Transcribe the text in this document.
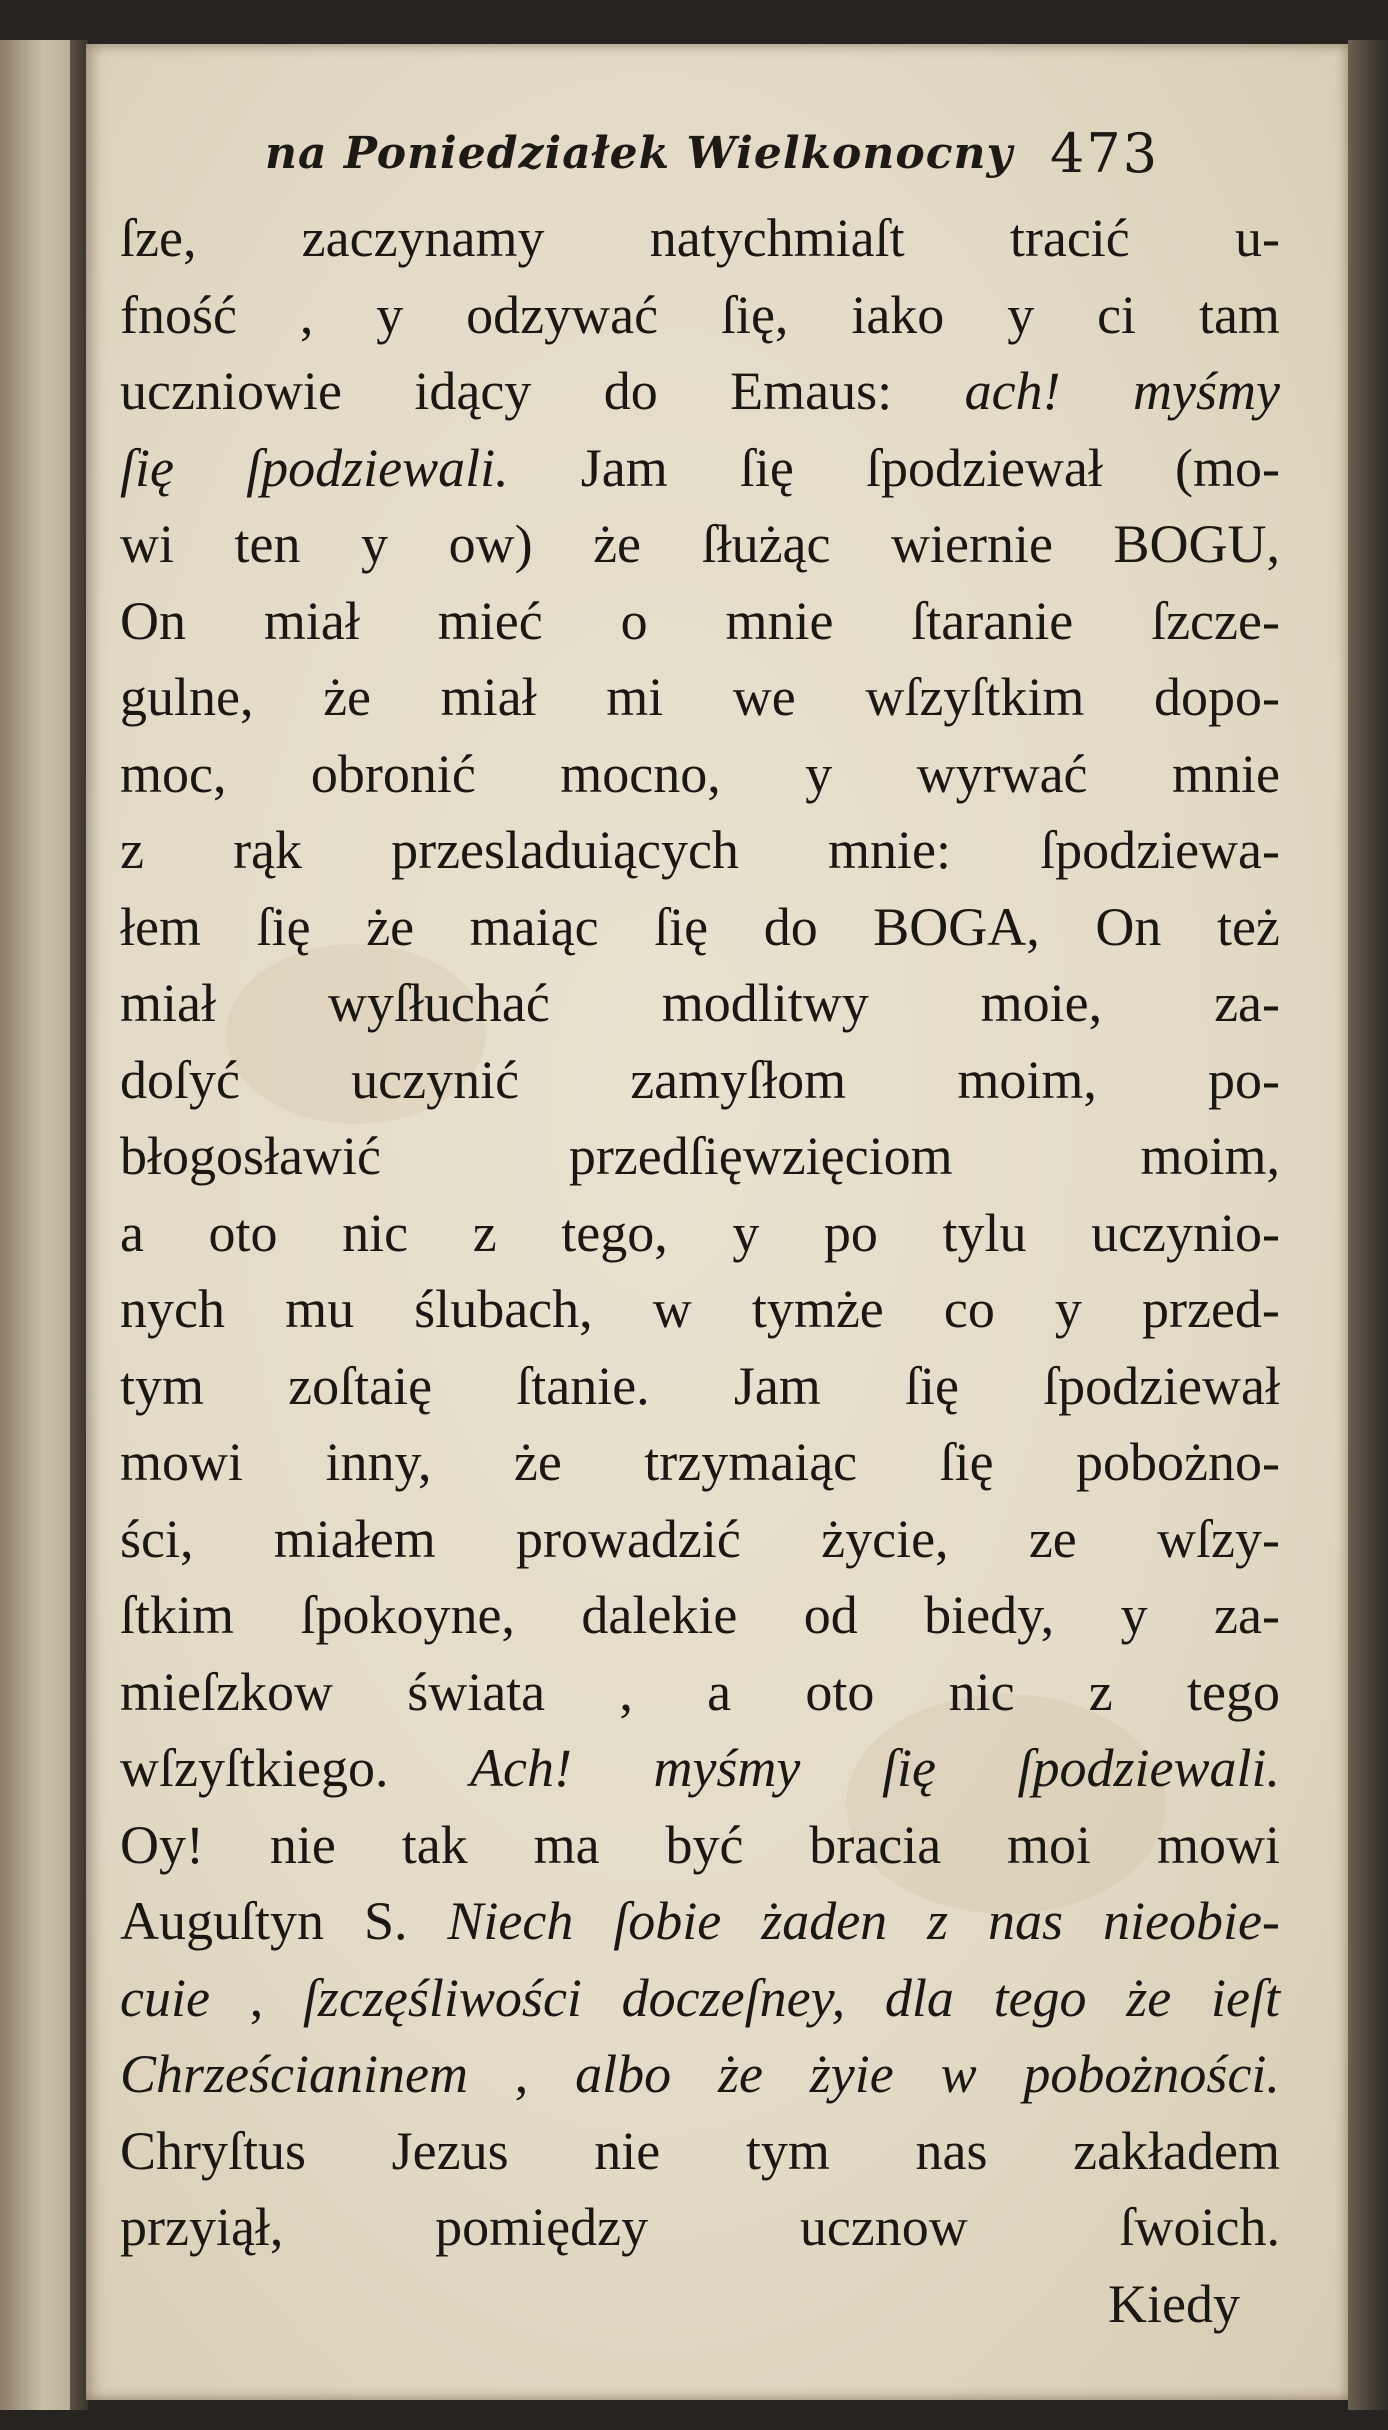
na Poniedziałek Wielkonocny 473
ſze, zaczynamy natychmiaſt tracić u-
fność , y odzywać ſię, iako y ci tam
uczniowie idący do Emaus: ach! myśmy
ſię ſpodziewali. Jam ſię ſpodziewał (mo-
wi ten y ow) że ſłużąc wiernie BOGU,
On miał mieć o mnie ſtaranie ſzcze-
gulne, że miał mi we wſzyſtkim dopo-
moc, obronić mocno, y wyrwać mnie
z rąk przesladuiących mnie: ſpodziewa-
łem ſię że maiąc ſię do BOGA, On też
miał wyſłuchać modlitwy moie, za-
doſyć uczynić zamyſłom moim, po-
błogosławić	przedſięwzięciom	moim,
a oto nic z tego, y po tylu uczynio-
nych mu ślubach, w tymże co y przed-
tym zoſtaię ſtanie. Jam ſię ſpodziewał
mowi inny, że trzymaiąc ſię pobożno-
ści, miałem prowadzić życie, ze wſzy-
ſtkim ſpokoyne, dalekie od biedy, y za-
mieſzkow świata , a oto nic z tego
wſzyſtkiego. Ach! myśmy ſię ſpodziewali.
Oy! nie tak ma być bracia moi mowi
Auguſtyn S. Niech ſobie żaden z nas nieobie-
cuie , ſzczęśliwości doczeſney, dla tego że ieſt
Chrześcianinem , albo że żyie w pobożności.
Chryſtus Jezus nie tym nas zakładem
przyiął,	pomiędzy	ucznow	ſwoich.
Kiedy
